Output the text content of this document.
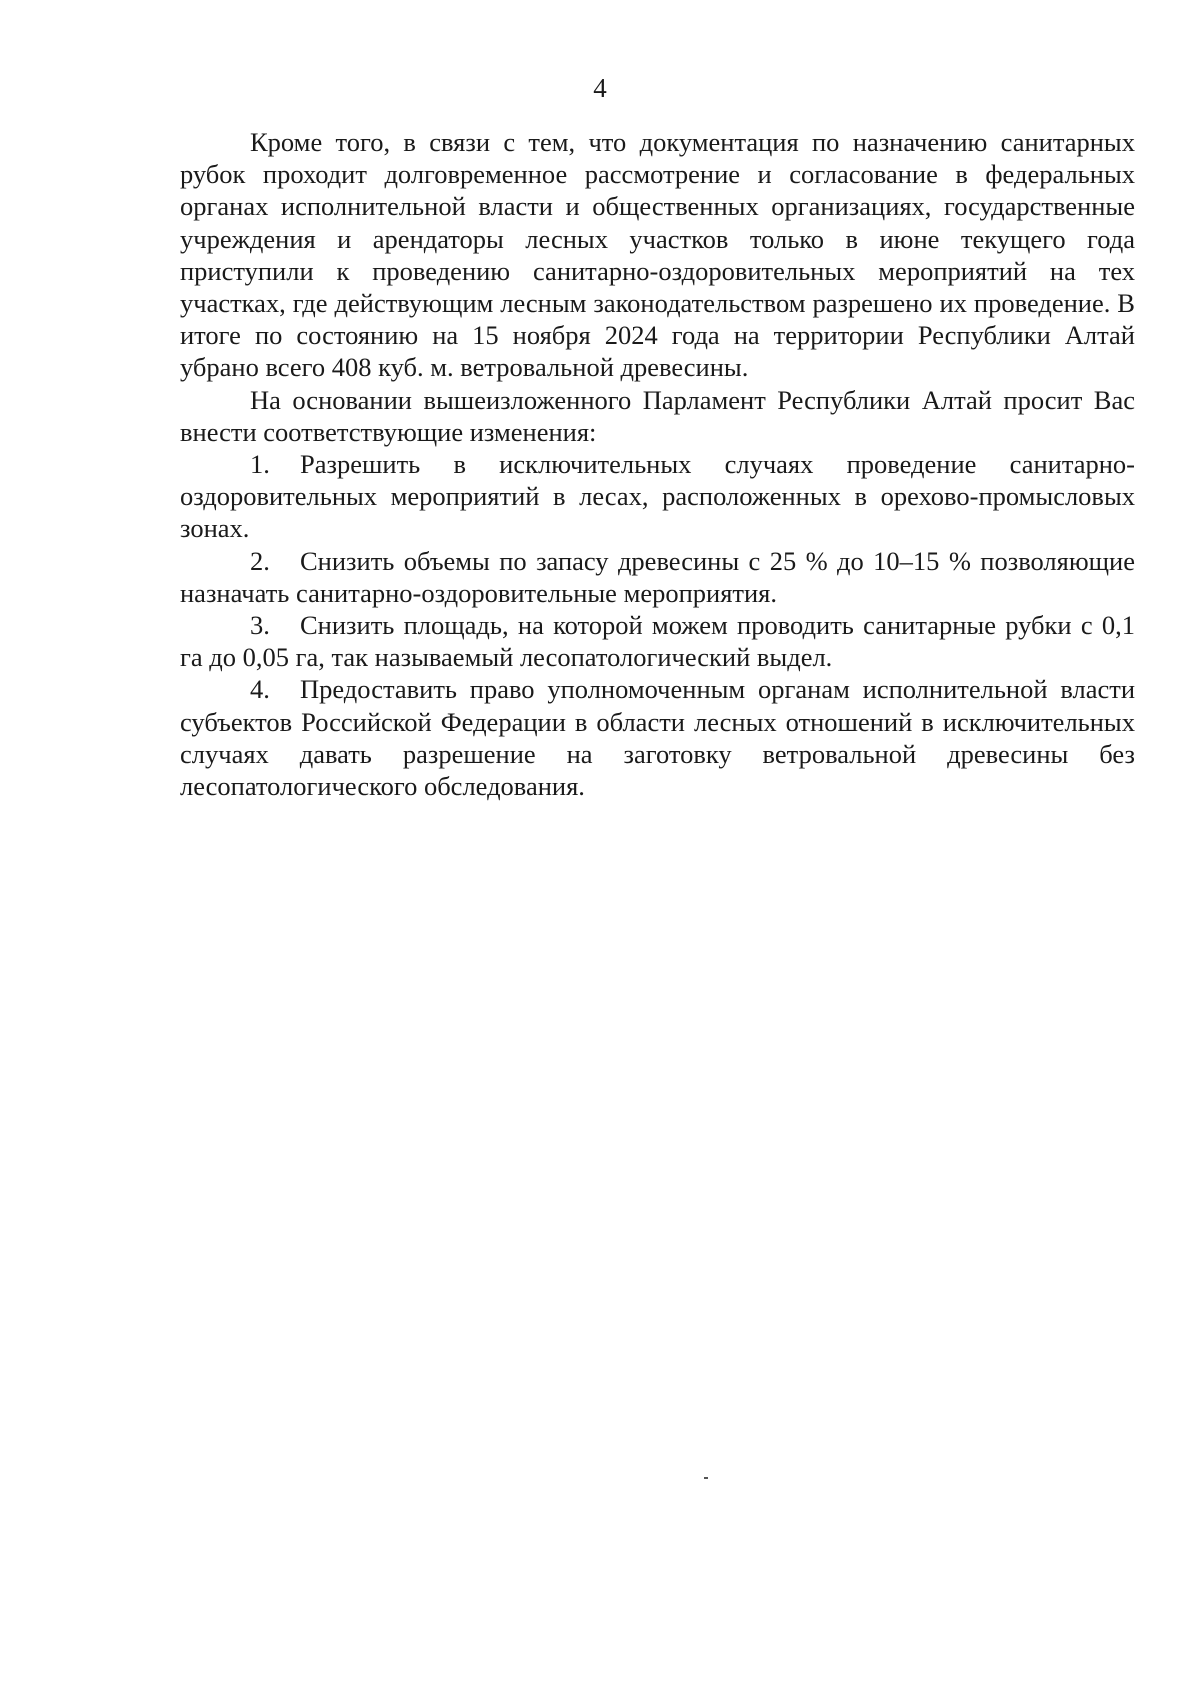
4

Кроме того, в связи с тем, что документация по назначению санитарных рубок проходит долговременное рассмотрение и согласование в федеральных органах исполнительной власти и общественных организациях, государственные учреждения и арендаторы лесных участков только в июне текущего года приступили к проведению санитарно-оздоровительных мероприятий на тех участках, где действующим лесным законодательством разрешено их проведение. В итоге по состоянию на 15 ноября 2024 года на территории Республики Алтай убрано всего 408 куб. м. ветровальной древесины.

На основании вышеизложенного Парламент Республики Алтай просит Вас внести соответствующие изменения:

1. Разрешить в исключительных случаях проведение санитарно-оздоровительных мероприятий в лесах, расположенных в орехово-промысловых зонах.

2. Снизить объемы по запасу древесины с 25 % до 10–15 % позволяющие назначать санитарно-оздоровительные мероприятия.

3. Снизить площадь, на которой можем проводить санитарные рубки с 0,1 га до 0,05 га, так называемый лесопатологический выдел.

4. Предоставить право уполномоченным органам исполнительной власти субъектов Российской Федерации в области лесных отношений в исключительных случаях давать разрешение на заготовку ветровальной древесины без лесопатологического обследования.
